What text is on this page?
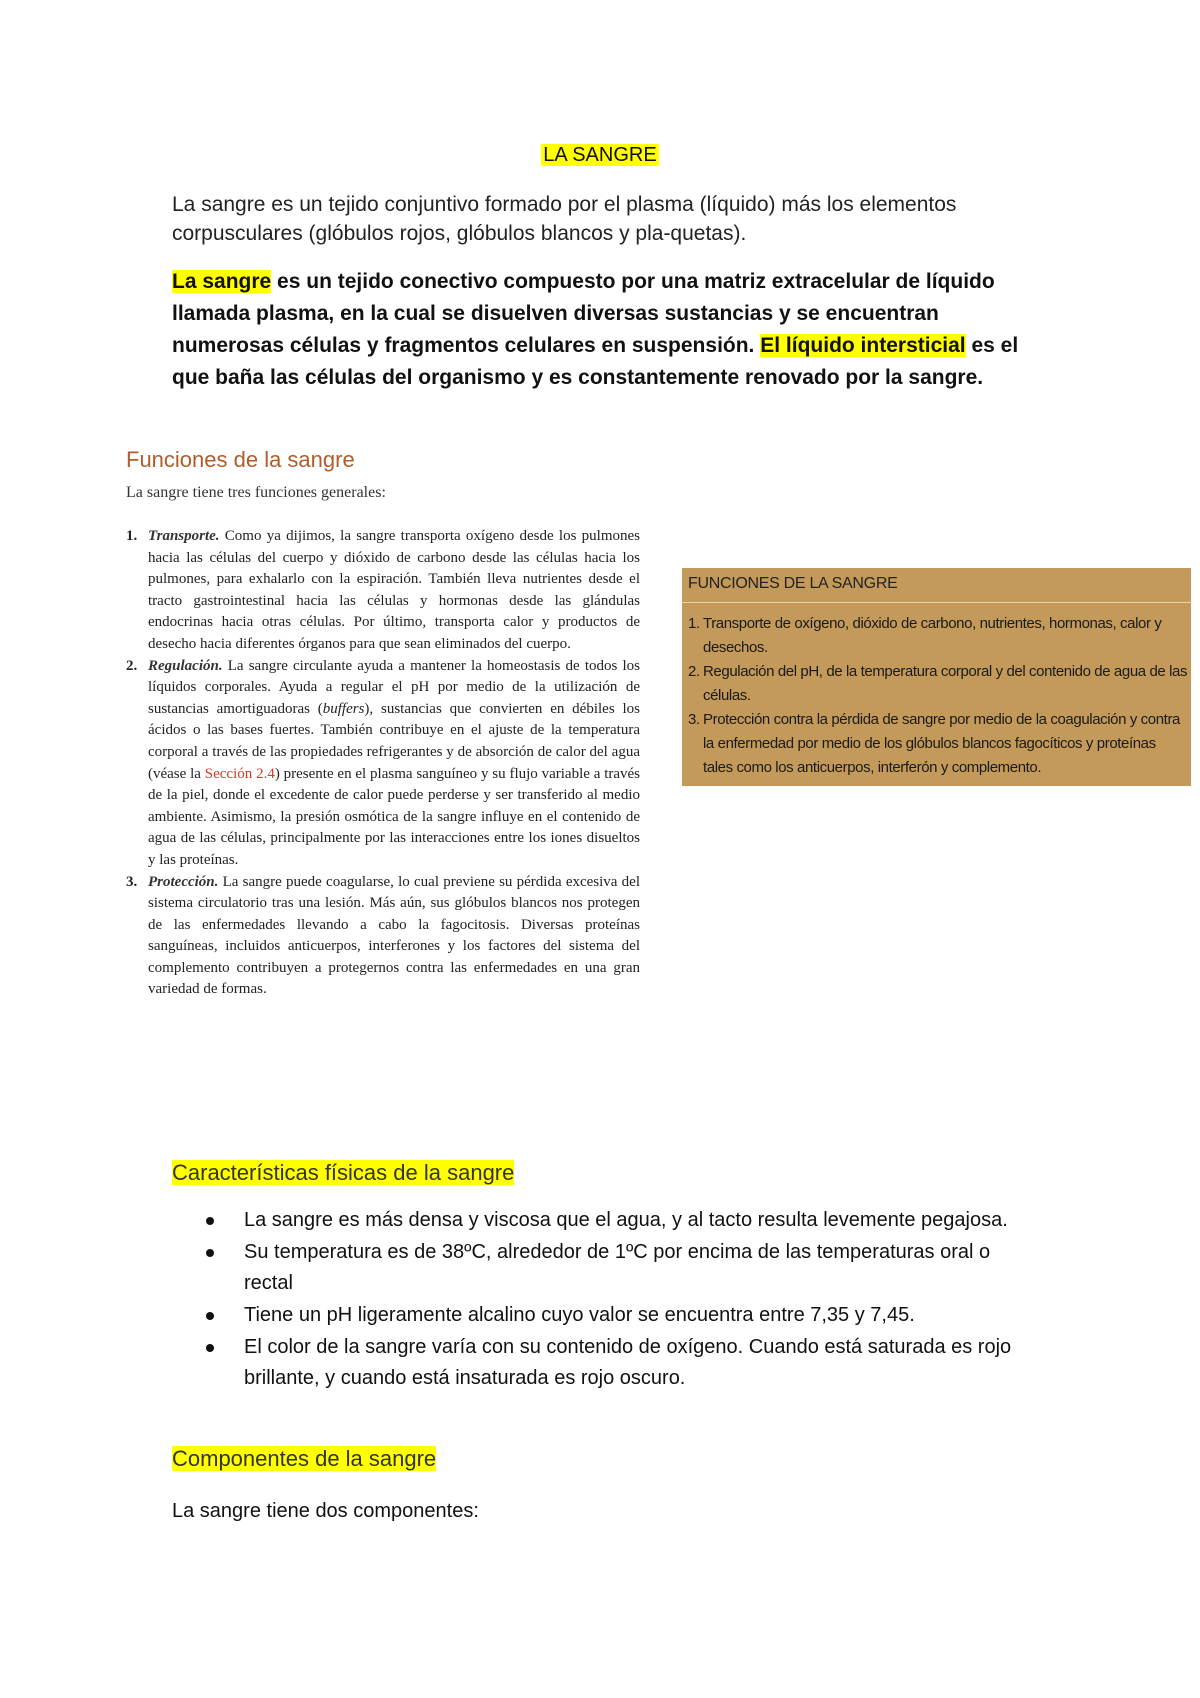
LA SANGRE
La sangre es un tejido conjuntivo formado por el plasma (líquido) más los elementos corpusculares (glóbulos rojos, glóbulos blancos y pla-quetas).
La sangre es un tejido conectivo compuesto por una matriz extracelular de líquido llamada plasma, en la cual se disuelven diversas sustancias y se encuentran numerosas células y fragmentos celulares en suspensión. El líquido intersticial es el que baña las células del organismo y es constantemente renovado por la sangre.
Funciones de la sangre
La sangre tiene tres funciones generales:
1. Transporte. Como ya dijimos, la sangre transporta oxígeno desde los pulmones hacia las células del cuerpo y dióxido de carbono desde las células hacia los pulmones, para exhalarlo con la espiración. También lleva nutrientes desde el tracto gastrointestinal hacia las células y hormonas desde las glándulas endocrinas hacia otras células. Por último, transporta calor y productos de desecho hacia diferentes órganos para que sean eliminados del cuerpo.
2. Regulación. La sangre circulante ayuda a mantener la homeostasis de todos los líquidos corporales. Ayuda a regular el pH por medio de la utilización de sustancias amortiguadoras (buffers), sustancias que convierten en débiles los ácidos o las bases fuertes. También contribuye en el ajuste de la temperatura corporal a través de las propiedades refrigerantes y de absorción de calor del agua (véase la Sección 2.4) presente en el plasma sanguíneo y su flujo variable a través de la piel, donde el excedente de calor puede perderse y ser transferido al medio ambiente. Asimismo, la presión osmótica de la sangre influye en el contenido de agua de las células, principalmente por las interacciones entre los iones disueltos y las proteínas.
3. Protección. La sangre puede coagularse, lo cual previene su pérdida excesiva del sistema circulatorio tras una lesión. Más aún, sus glóbulos blancos nos protegen de las enfermedades llevando a cabo la fagocitosis. Diversas proteínas sanguíneas, incluidos anticuerpos, interferones y los factores del sistema del complemento contribuyen a protegernos contra las enfermedades en una gran variedad de formas.
FUNCIONES DE LA SANGRE
1. Transporte de oxígeno, dióxido de carbono, nutrientes, hormonas, calor y desechos.
2. Regulación del pH, de la temperatura corporal y del contenido de agua de las células.
3. Protección contra la pérdida de sangre por medio de la coagulación y contra la enfermedad por medio de los glóbulos blancos fagocíticos y proteínas tales como los anticuerpos, interferón y complemento.
Características físicas de la sangre
La sangre es más densa y viscosa que el agua, y al tacto resulta levemente pegajosa.
Su temperatura es de 38ºC, alrededor de 1ºC por encima de las temperaturas oral o rectal
Tiene un pH ligeramente alcalino cuyo valor se encuentra entre 7,35 y 7,45.
El color de la sangre varía con su contenido de oxígeno. Cuando está saturada es rojo brillante, y cuando está insaturada es rojo oscuro.
Componentes de la sangre
La sangre tiene dos componentes:
